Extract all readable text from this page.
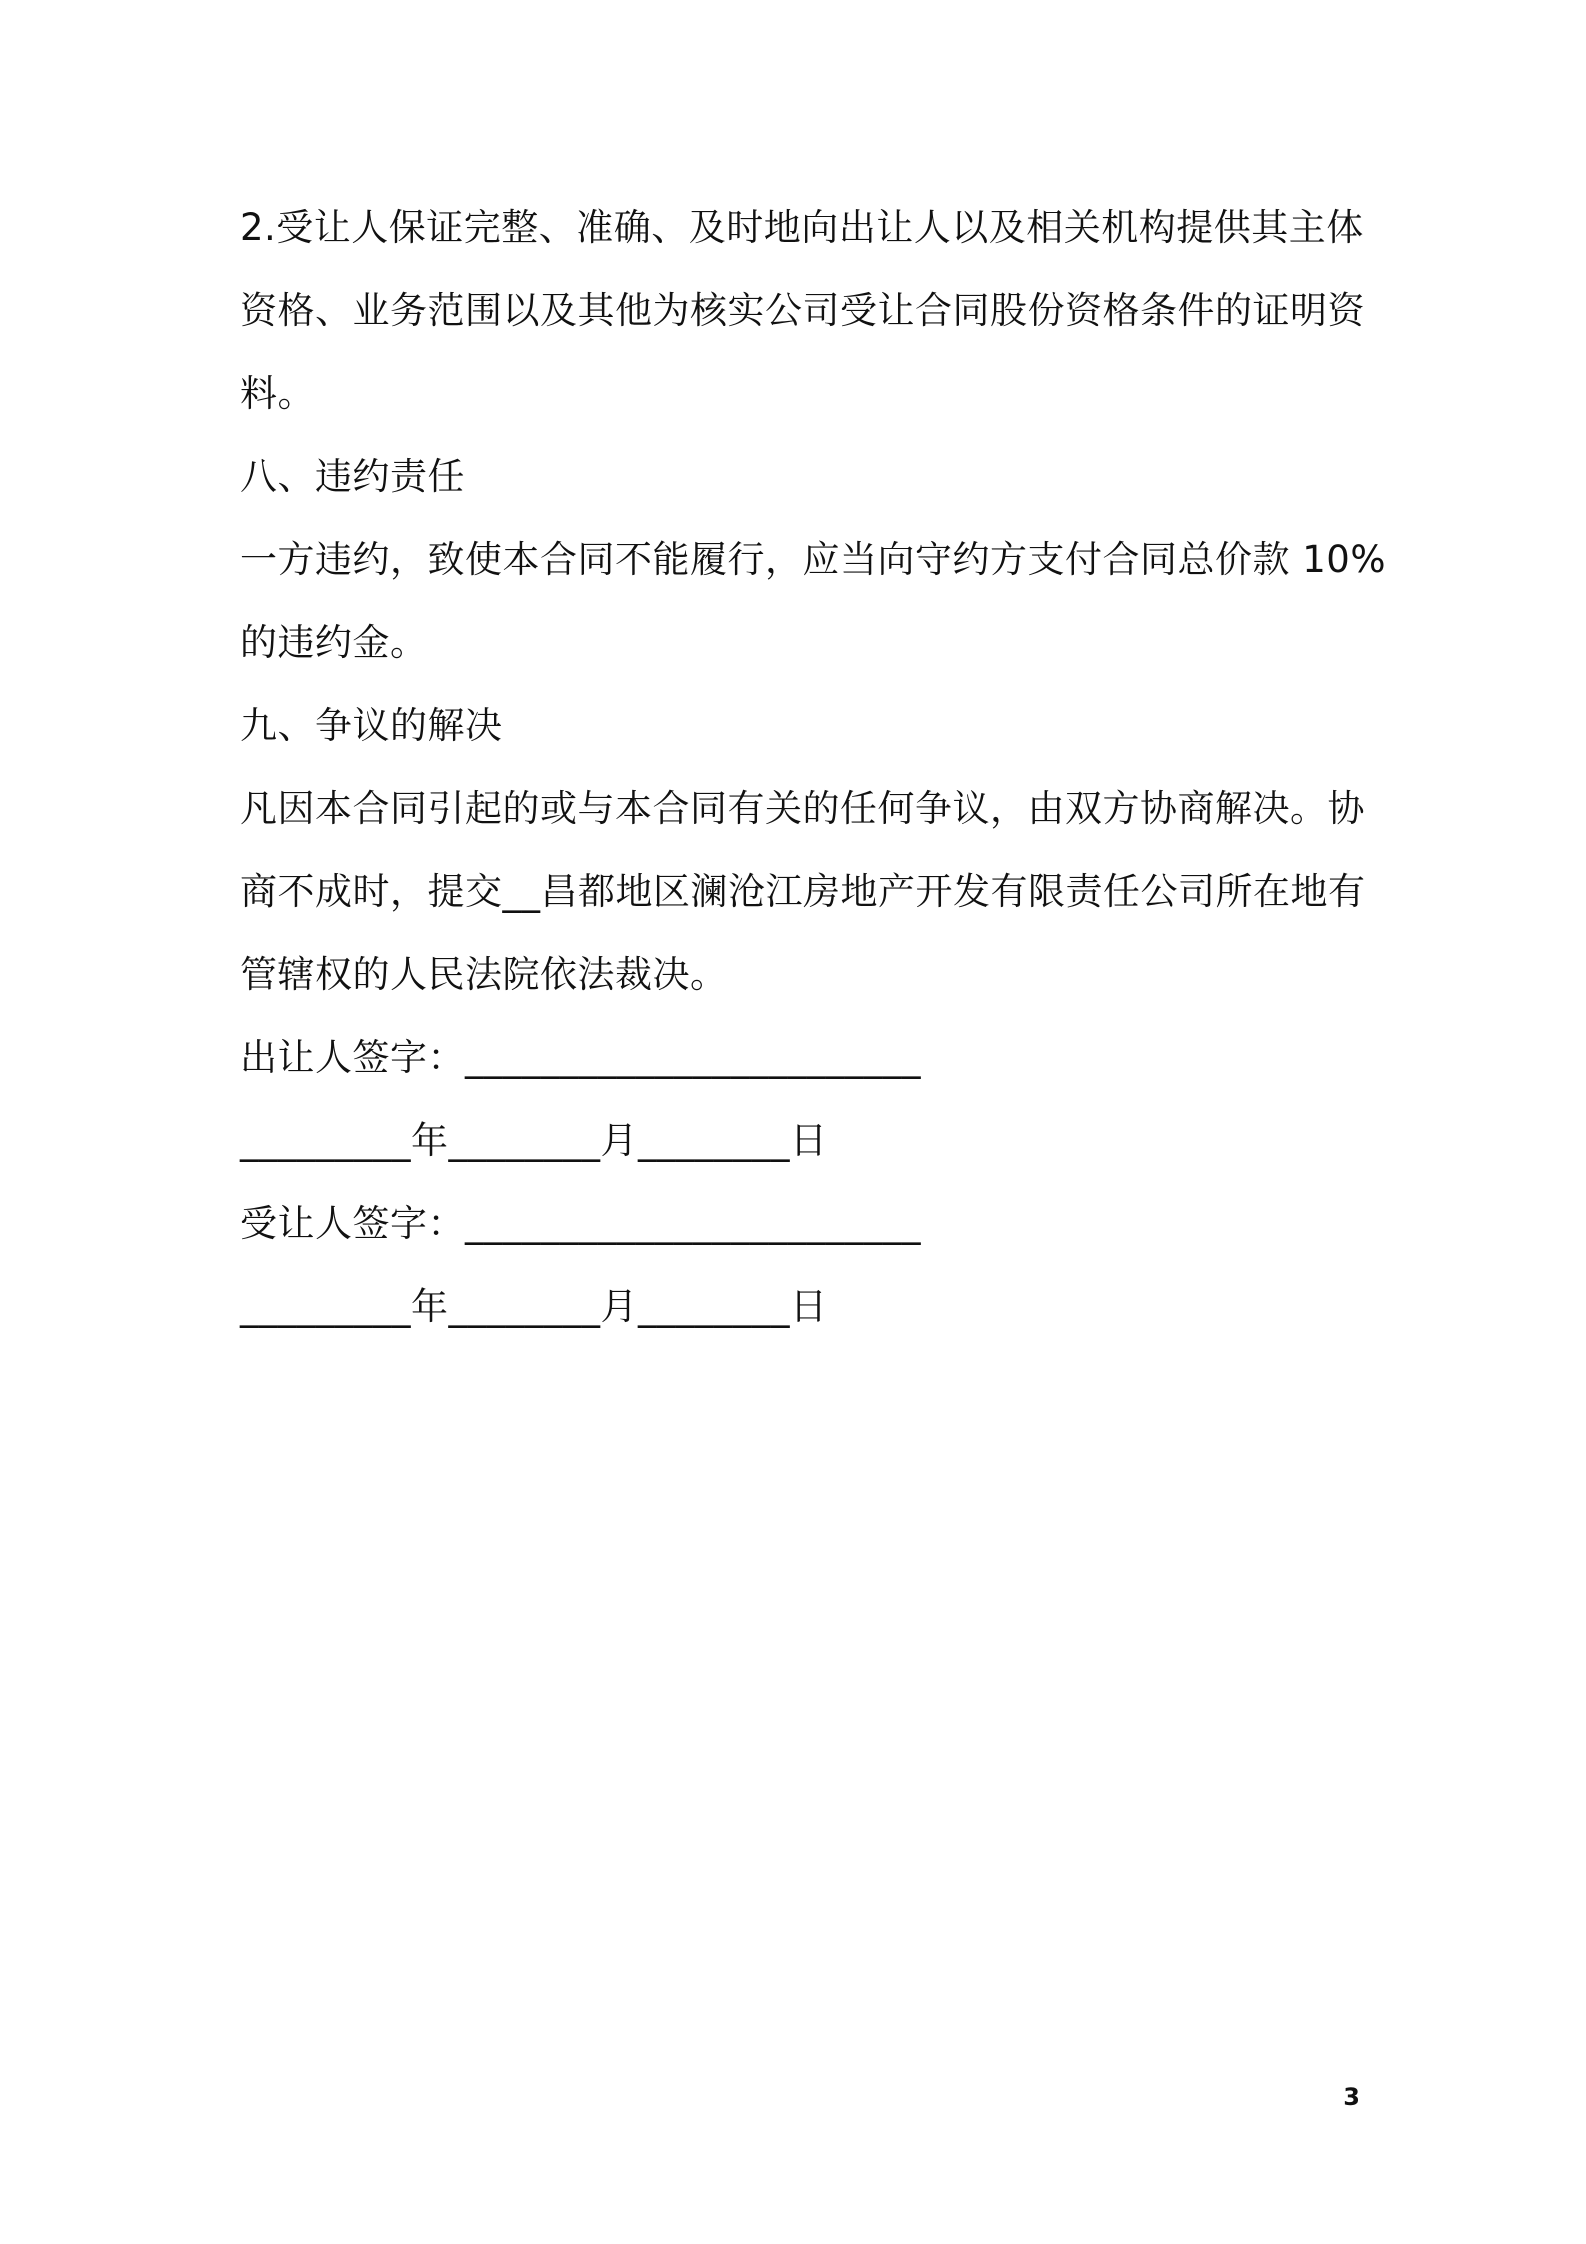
2.受让人保证完整、准确、及时地向出让人以及相关机构提供其主体
资格、业务范围以及其他为核实公司受让合同股份资格条件的证明资
料。
八、违约责任
一方违约，致使本合同不能履行，应当向守约方支付合同总价款 10%
的违约金。
九、争议的解决
凡因本合同引起的或与本合同有关的任何争议，由双方协商解决。协
商不成时，提交__昌都地区澜沧江房地产开发有限责任公司所在地有
管辖权的人民法院依法裁决。
出让人签字：________________________
_________年________月________日
受让人签字：________________________
_________年________月________日
3
